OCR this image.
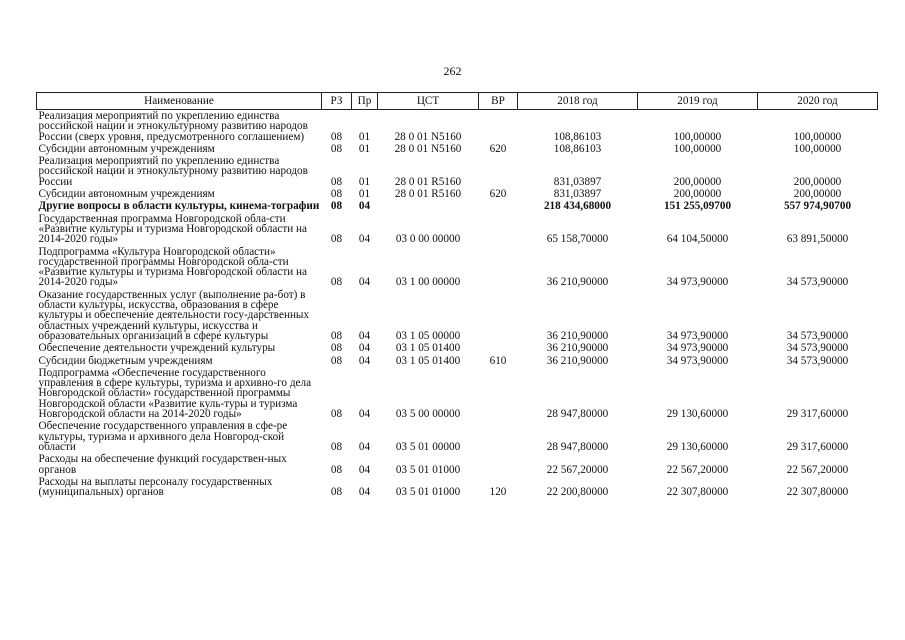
262
Наименование	РЗ	Пр	ЦСТ	ВР	2018 год	2019 год	2020 год
Реализация мероприятий по укреплению единства российской нации и этнокультурному развитию народов России (сверх уровня, предусмотренного соглашением)	08	01	28 0 01 N5160		108,86103	100,00000	100,00000
Субсидии автономным учреждениям	08	01	28 0 01 N5160	620	108,86103	100,00000	100,00000
Реализация мероприятий по укреплению единства российской нации и этнокультурному развитию народов России	08	01	28 0 01 R5160		831,03897	200,00000	200,00000
Субсидии автономным учреждениям	08	01	28 0 01 R5160	620	831,03897	200,00000	200,00000
Другие вопросы в области культуры, кинема-тографии	08	04			218 434,68000	151 255,09700	557 974,90700
Государственная программа Новгородской обла-сти «Развитие культуры и туризма Новгородской области на 2014-2020 годы»	08	04	03 0 00 00000		65 158,70000	64 104,50000	63 891,50000
Подпрограмма «Культура Новгородской области» государственной программы Новгородской обла-сти «Развитие культуры и туризма Новгородской области на 2014-2020 годы»	08	04	03 1 00 00000		36 210,90000	34 973,90000	34 573,90000
Оказание государственных услуг (выполнение ра-бот) в области культуры, искусства, образования в сфере культуры и обеспечение деятельности госу-дарственных областных учреждений культуры, искусства и образовательных организаций в сфере культуры	08	04	03 1 05 00000		36 210,90000	34 973,90000	34 573,90000
Обеспечение деятельности учреждений культуры	08	04	03 1 05 01400		36 210,90000	34 973,90000	34 573,90000
Субсидии бюджетным учреждениям	08	04	03 1 05 01400	610	36 210,90000	34 973,90000	34 573,90000
Подпрограмма «Обеспечение государственного управления в сфере культуры, туризма и архивно-го дела Новгородской области» государственной программы Новгородской области «Развитие куль-туры и туризма Новгородской области на 2014-2020 годы»	08	04	03 5 00 00000		28 947,80000	29 130,60000	29 317,60000
Обеспечение государственного управления в сфе-ре культуры, туризма и архивного дела Новгород-ской области	08	04	03 5 01 00000		28 947,80000	29 130,60000	29 317,60000
Расходы на обеспечение функций государствен-ных органов	08	04	03 5 01 01000		22 567,20000	22 567,20000	22 567,20000
Расходы на выплаты персоналу государственных (муниципальных) органов	08	04	03 5 01 01000	120	22 200,80000	22 307,80000	22 307,80000
